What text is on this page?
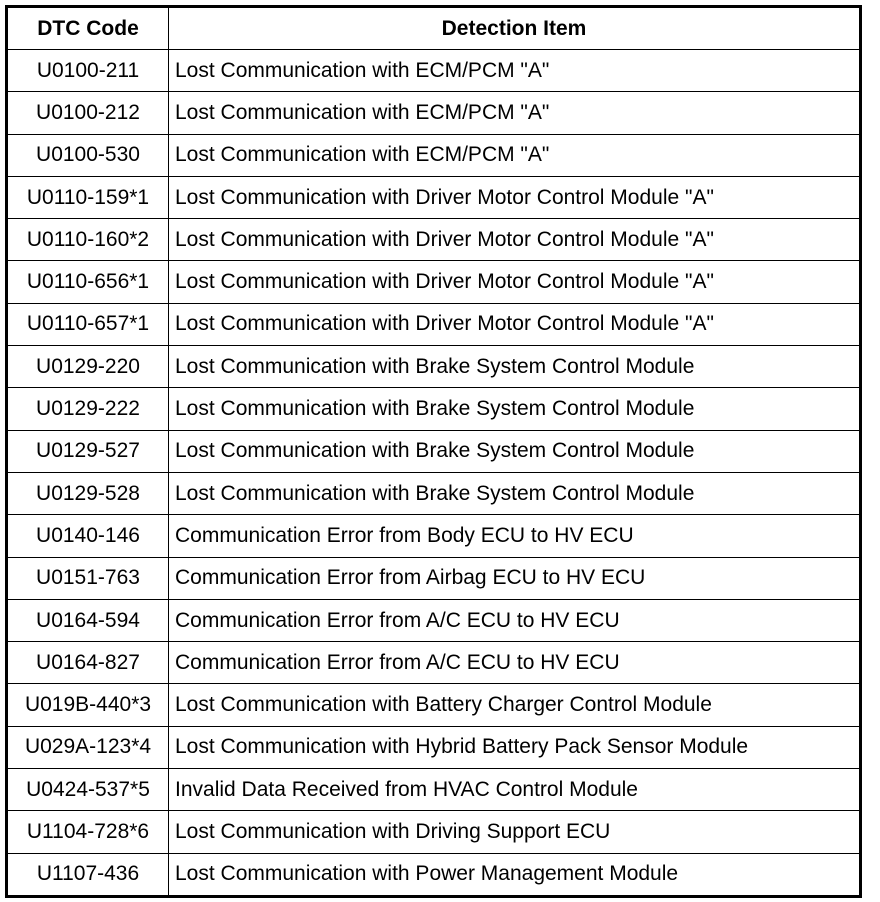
DTC Code	Detection Item
U0100-211	Lost Communication with ECM/PCM "A"
U0100-212	Lost Communication with ECM/PCM "A"
U0100-530	Lost Communication with ECM/PCM "A"
U0110-159*1	Lost Communication with Driver Motor Control Module "A"
U0110-160*2	Lost Communication with Driver Motor Control Module "A"
U0110-656*1	Lost Communication with Driver Motor Control Module "A"
U0110-657*1	Lost Communication with Driver Motor Control Module "A"
U0129-220	Lost Communication with Brake System Control Module
U0129-222	Lost Communication with Brake System Control Module
U0129-527	Lost Communication with Brake System Control Module
U0129-528	Lost Communication with Brake System Control Module
U0140-146	Communication Error from Body ECU to HV ECU
U0151-763	Communication Error from Airbag ECU to HV ECU
U0164-594	Communication Error from A/C ECU to HV ECU
U0164-827	Communication Error from A/C ECU to HV ECU
U019B-440*3	Lost Communication with Battery Charger Control Module
U029A-123*4	Lost Communication with Hybrid Battery Pack Sensor Module
U0424-537*5	Invalid Data Received from HVAC Control Module
U1104-728*6	Lost Communication with Driving Support ECU
U1107-436	Lost Communication with Power Management Module
